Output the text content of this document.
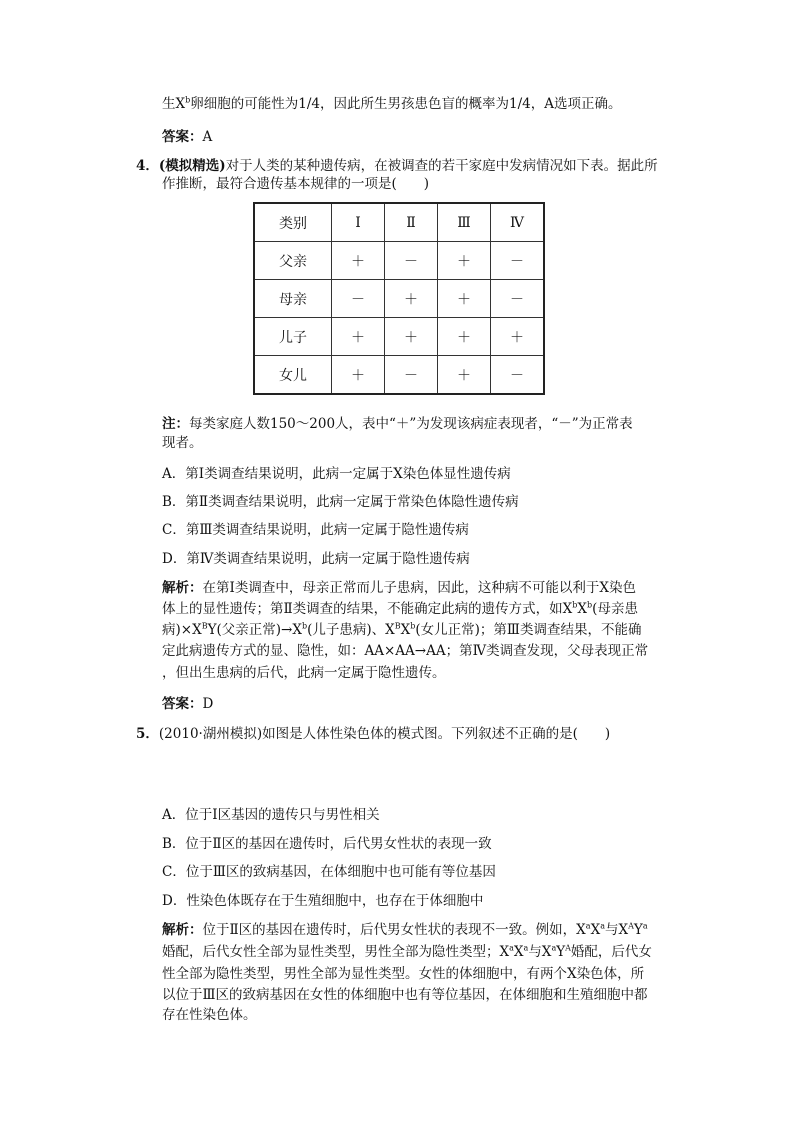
生$X^b$卵细胞的可能性为1/4，因此所生男孩患色盲的概率为1/4，A选项正确。
答案：A
4．(模拟精选)对于人类的某种遗传病，在被调查的若干家庭中发病情况如下表。据此所
作推断，最符合遗传基本规律的一项是(　　)
类别	Ⅰ	Ⅱ	Ⅲ	Ⅳ
父亲	＋	－	＋	－
母亲	－	＋	＋	－
儿子	＋	＋	＋	＋
女儿	＋	－	＋	－
注：每类家庭人数150～200人，表中“＋”为发现该病症表现者，“－”为正常表
现者。
A．第Ⅰ类调查结果说明，此病一定属于X染色体显性遗传病
B．第Ⅱ类调查结果说明，此病一定属于常染色体隐性遗传病
C．第Ⅲ类调查结果说明，此病一定属于隐性遗传病
D．第Ⅳ类调查结果说明，此病一定属于隐性遗传病
解析：在第Ⅰ类调查中，母亲正常而儿子患病，因此，这种病不可能以利于X染色
体上的显性遗传；第Ⅱ类调查的结果，不能确定此病的遗传方式，如$X^bX^b$(母亲患
病)$\times X^BY$(父亲正常)$\to X^b$(儿子患病)、$X^BX^b$(女儿正常)；第Ⅲ类调查结果，不能确
定此病遗传方式的显、隐性，如：AA×AA→AA；第Ⅳ类调查发现，父母表现正常
，但出生患病的后代，此病一定属于隐性遗传。
答案：D
5．(2010·湖州模拟)如图是人体性染色体的模式图。下列叙述不正确的是(　　)
A．位于Ⅰ区基因的遗传只与男性相关
B．位于Ⅱ区的基因在遗传时，后代男女性状的表现一致
C．位于Ⅲ区的致病基因，在体细胞中也可能有等位基因
D．性染色体既存在于生殖细胞中，也存在于体细胞中
解析：位于Ⅱ区的基因在遗传时，后代男女性状的表现不一致。例如，$X^aX^a$与$X^AY^a$
婚配，后代女性全部为显性类型，男性全部为隐性类型；$X^aX^a$与$X^aY^A$婚配，后代女
性全部为隐性类型，男性全部为显性类型。女性的体细胞中，有两个X染色体，所
以位于Ⅲ区的致病基因在女性的体细胞中也有等位基因，在体细胞和生殖细胞中都
存在性染色体。
